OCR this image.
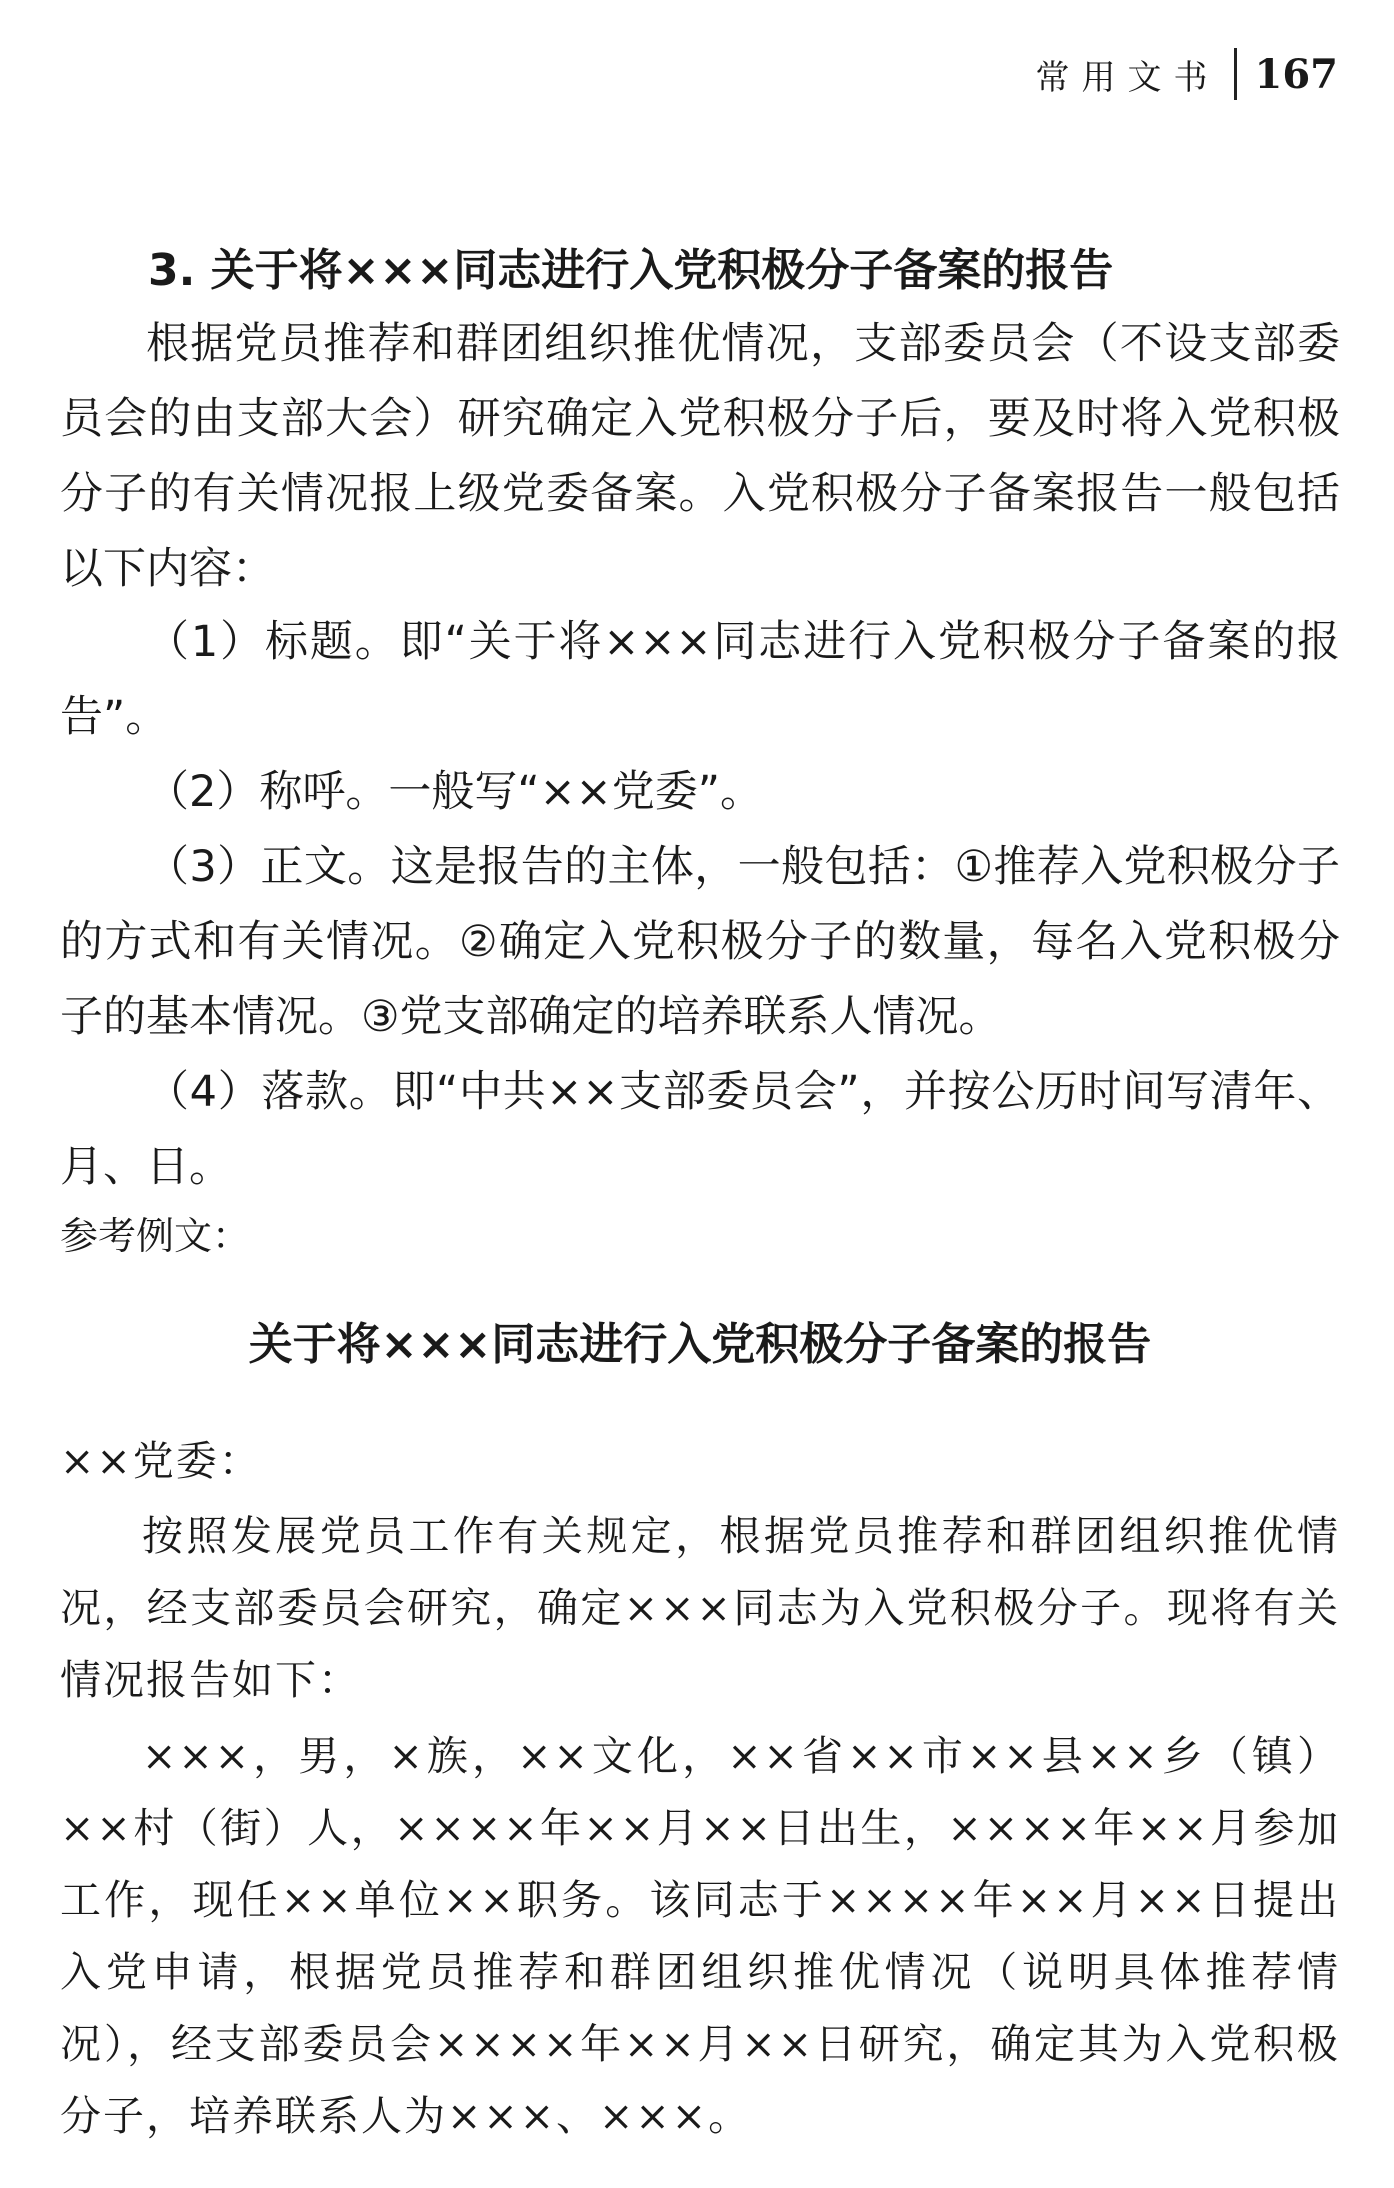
常用文书 167

3. 关于将×××同志进行入党积极分子备案的报告

根据党员推荐和群团组织推优情况，支部委员会（不设支部委员会的由支部大会）研究确定入党积极分子后，要及时将入党积极分子的有关情况报上级党委备案。入党积极分子备案报告一般包括以下内容：

（1）标题。即“关于将×××同志进行入党积极分子备案的报告”。

（2）称呼。一般写“××党委”。

（3）正文。这是报告的主体，一般包括：①推荐入党积极分子的方式和有关情况。②确定入党积极分子的数量，每名入党积极分子的基本情况。③党支部确定的培养联系人情况。

（4）落款。即“中共××支部委员会”，并按公历时间写清年、月、日。

参考例文：

关于将×××同志进行入党积极分子备案的报告

××党委：

按照发展党员工作有关规定，根据党员推荐和群团组织推优情况，经支部委员会研究，确定×××同志为入党积极分子。现将有关情况报告如下：

×××，男，×族，××文化，××省××市××县××乡（镇）××村（街）人，××××年××月××日出生，××××年××月参加工作，现任××单位××职务。该同志于××××年××月××日提出入党申请，根据党员推荐和群团组织推优情况（说明具体推荐情况），经支部委员会××××年××月××日研究，确定其为入党积极分子，培养联系人为×××、×××。
